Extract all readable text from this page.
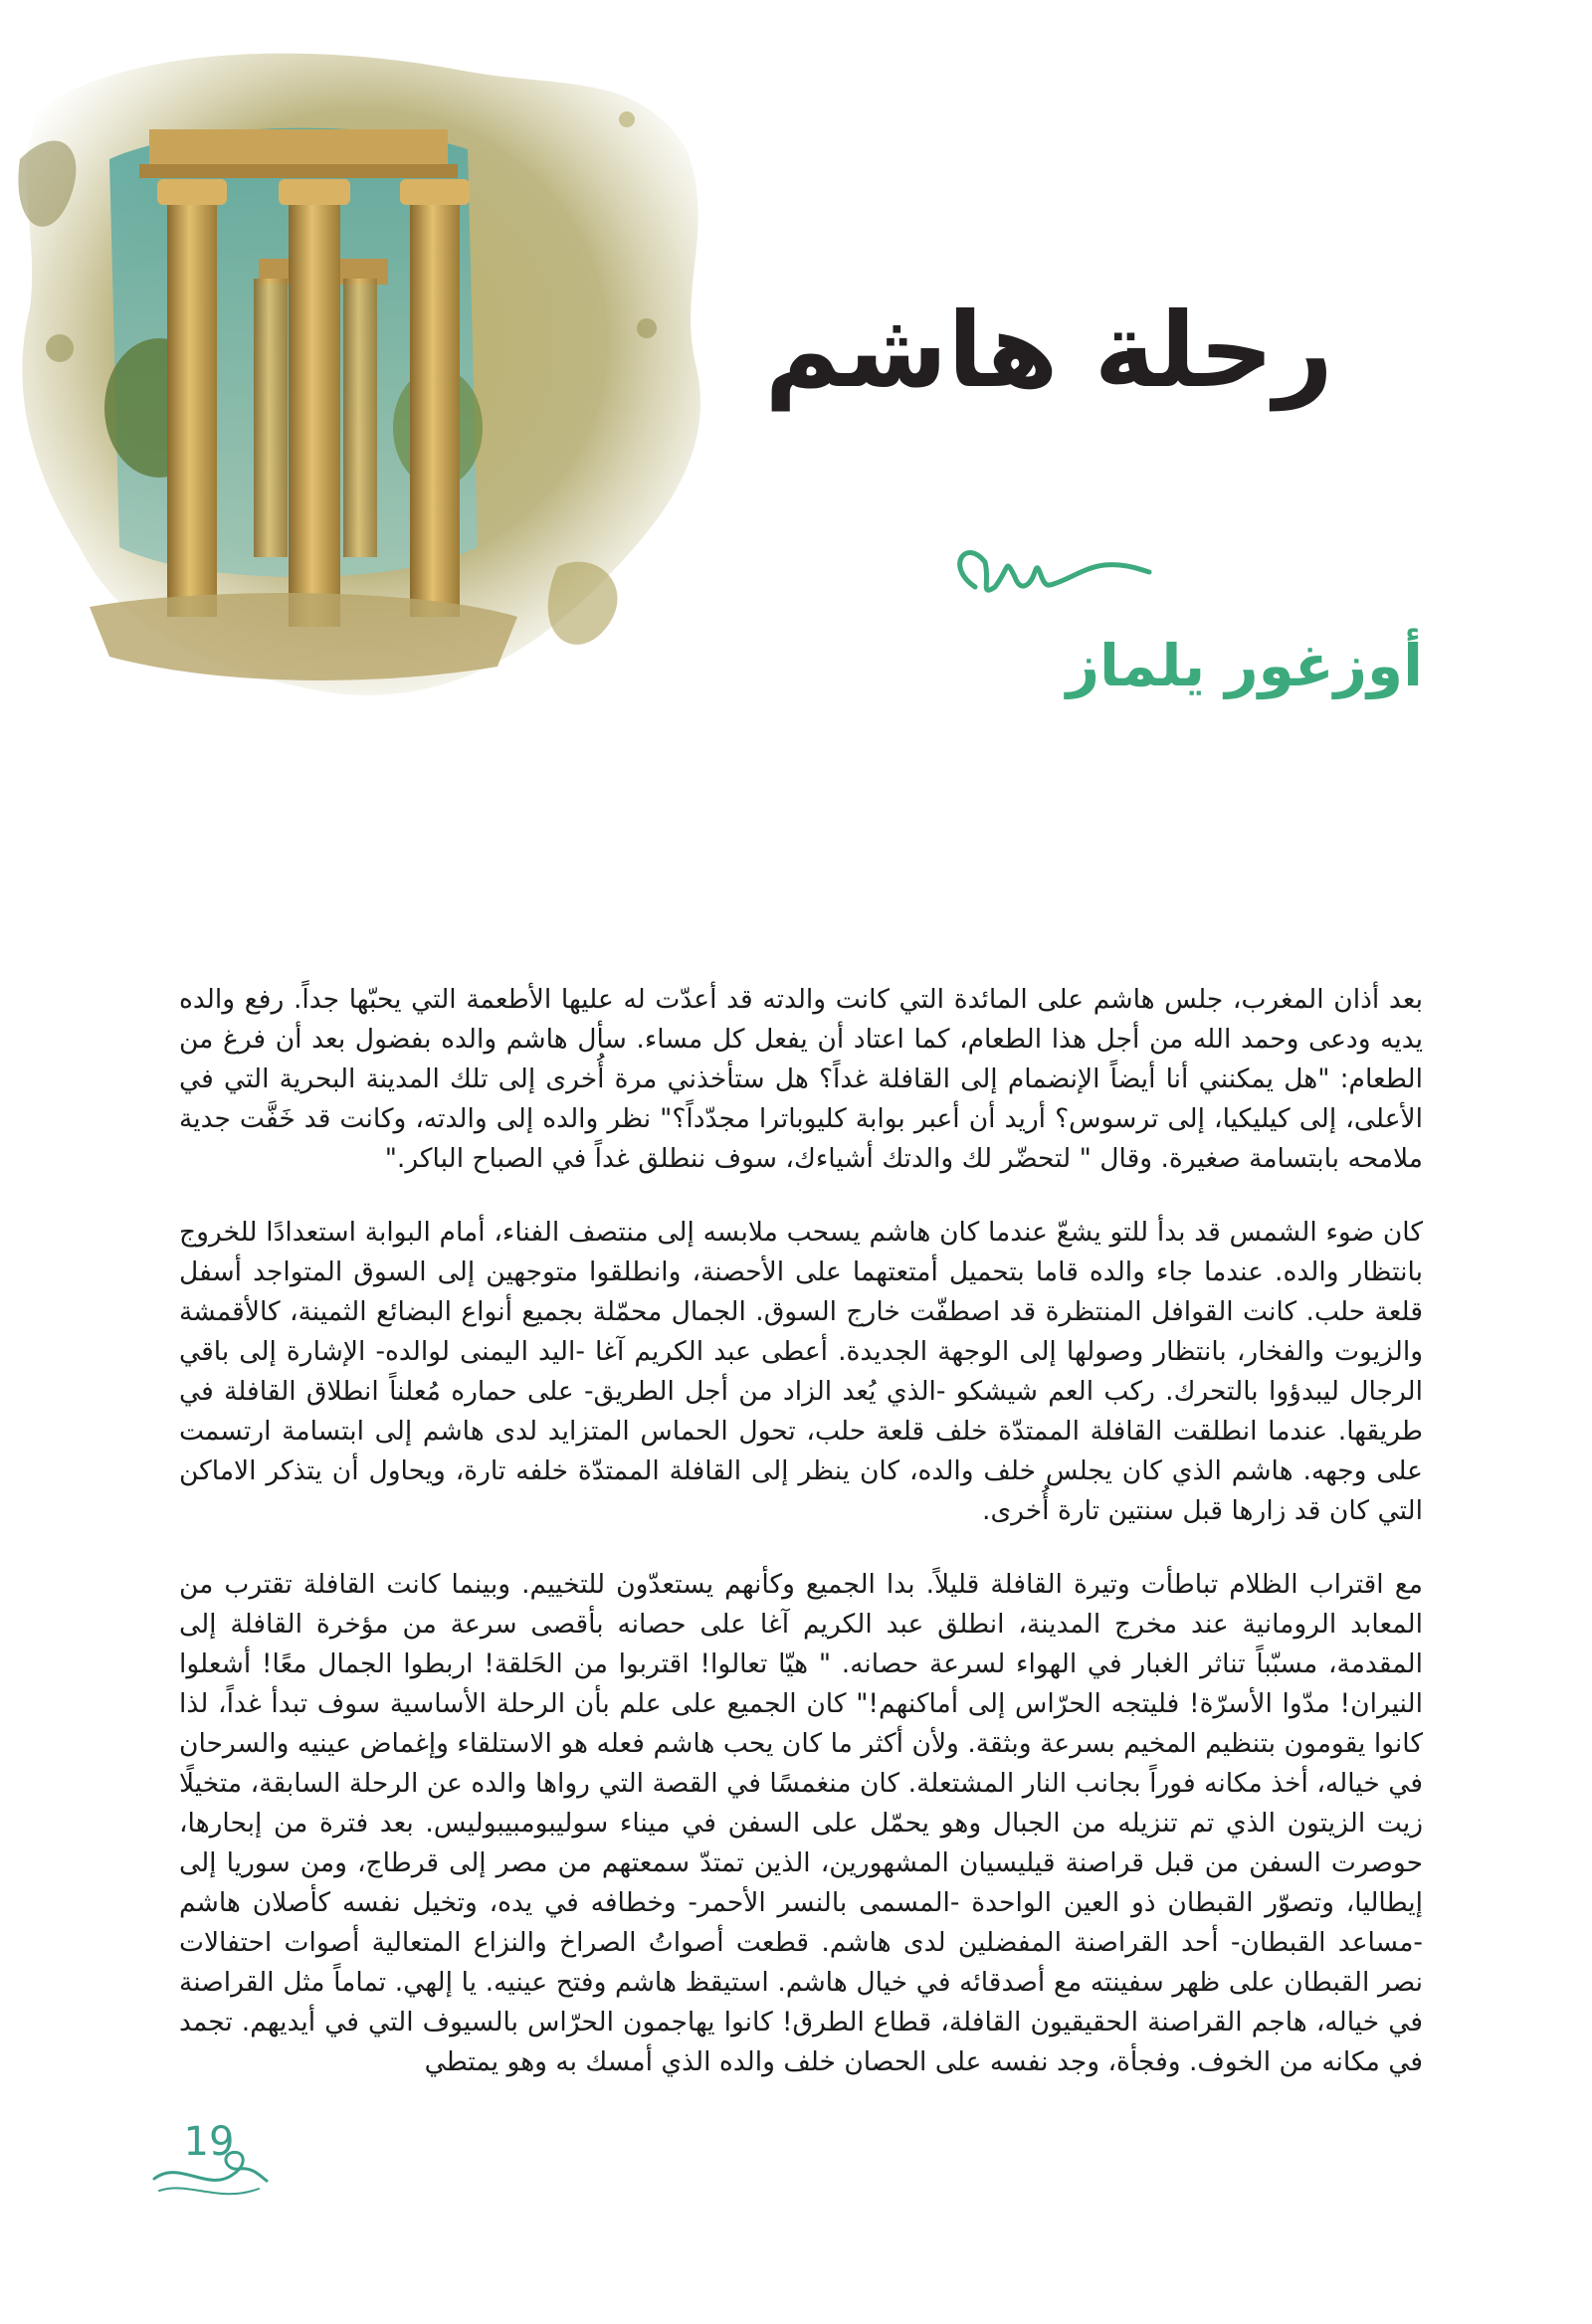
رحلة هاشم
أوزغور يلماز

بعد أذان المغرب، جلس هاشم على المائدة التي كانت والدته قد أعدّت له عليها الأطعمة التي يحبّها جداً. رفع والده يديه ودعى وحمد الله من أجل هذا الطعام، كما اعتاد أن يفعل كل مساء. سأل هاشم والده بفضول بعد أن فرغ من الطعام: "هل يمكنني أنا أيضاً الإنضمام إلى القافلة غداً؟ هل ستأخذني مرة أُخرى إلى تلك المدينة البحرية التي في الأعلى، إلى كيليكيا، إلى ترسوس؟ أريد أن أعبر بوابة كليوباترا مجدّداً؟" نظر والده إلى والدته، وكانت قد خَفَّت جدية ملامحه بابتسامة صغيرة. وقال " لتحضّر لك والدتك أشياءك، سوف ننطلق غداً في الصباح الباكر."

كان ضوء الشمس قد بدأ للتو يشعّ عندما كان هاشم يسحب ملابسه إلى منتصف الفناء، أمام البوابة استعدادًا للخروج بانتظار والده. عندما جاء والده قاما بتحميل أمتعتهما على الأحصنة، وانطلقوا متوجهين إلى السوق المتواجد أسفل قلعة حلب. كانت القوافل المنتظرة قد اصطفّت خارج السوق. الجمال محمّلة بجميع أنواع البضائع الثمينة، كالأقمشة والزيوت والفخار، بانتظار وصولها إلى الوجهة الجديدة. أعطى عبد الكريم آغا -اليد اليمنى لوالده- الإشارة إلى باقي الرجال ليبدؤوا بالتحرك. ركب العم شيشكو -الذي يُعد الزاد من أجل الطريق- على حماره مُعلناً انطلاق القافلة في طريقها. عندما انطلقت القافلة الممتدّة خلف قلعة حلب، تحول الحماس المتزايد لدى هاشم إلى ابتسامة ارتسمت على وجهه. هاشم الذي كان يجلس خلف والده، كان ينظر إلى القافلة الممتدّة خلفه تارة، ويحاول أن يتذكر الاماكن التي كان قد زارها قبل سنتين تارة أُخرى.

مع اقتراب الظلام تباطأت وتيرة القافلة قليلاً. بدا الجميع وكأنهم يستعدّون للتخييم. وبينما كانت القافلة تقترب من المعابد الرومانية عند مخرج المدينة، انطلق عبد الكريم آغا على حصانه بأقصى سرعة من مؤخرة القافلة إلى المقدمة، مسبّباً تناثر الغبار في الهواء لسرعة حصانه. " هيّا تعالوا! اقتربوا من الحَلقة! اربطوا الجمال معًا! أشعلوا النيران! مدّوا الأسرّة! فليتجه الحرّاس إلى أماكنهم!" كان الجميع على علم بأن الرحلة الأساسية سوف تبدأ غداً، لذا كانوا يقومون بتنظيم المخيم بسرعة وبثقة. ولأن أكثر ما كان يحب هاشم فعله هو الاستلقاء وإغماض عينيه والسرحان في خياله، أخذ مكانه فوراً بجانب النار المشتعلة. كان منغمسًا في القصة التي رواها والده عن الرحلة السابقة، متخيلًا زيت الزيتون الذي تم تنزيله من الجبال وهو يحمّل على السفن في ميناء سوليبومبيبوليس. بعد فترة من إبحارها، حوصرت السفن من قبل قراصنة قيليسيان المشهورين، الذين تمتدّ سمعتهم من مصر إلى قرطاج، ومن سوريا إلى إيطاليا، وتصوّر القبطان ذو العين الواحدة -المسمى بالنسر الأحمر- وخطافه في يده، وتخيل نفسه كأصلان هاشم -مساعد القبطان- أحد القراصنة المفضلين لدى هاشم. قطعت أصواتُ الصراخ والنزاع المتعالية أصوات احتفالات نصر القبطان على ظهر سفينته مع أصدقائه في خيال هاشم. استيقظ هاشم وفتح عينيه. يا إلهي. تماماً مثل القراصنة في خياله، هاجم القراصنة الحقيقيون القافلة، قطاع الطرق! كانوا يهاجمون الحرّاس بالسيوف التي في أيديهم. تجمد في مكانه من الخوف. وفجأة، وجد نفسه على الحصان خلف والده الذي أمسك به وهو يمتطي

19
